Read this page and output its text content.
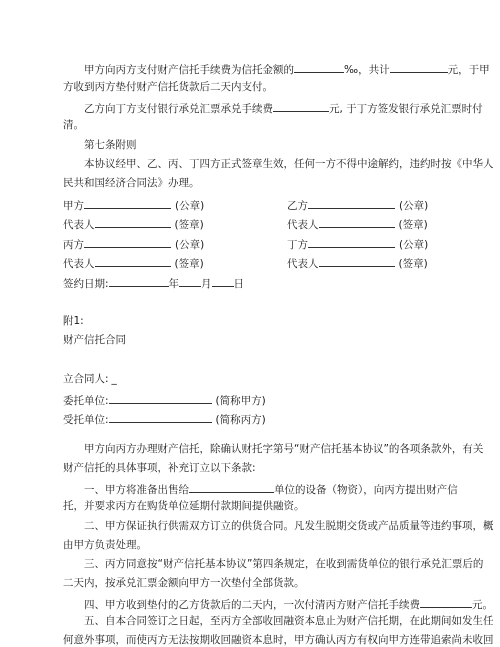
甲方向丙方支付财产信托手续费为信托金额的	‰，共计	元，于甲
方收到丙方垫付财产信托货款后二天内支付。
乙方向丁方支付银行承兑汇票承兑手续费	元, 于丁方签发银行承兑汇票时付
清。
第七条附则
本协议经甲、乙、丙、丁四方正式签章生效，任何一方不得中途解约，违约时按《中华人
民共和国经济合同法》办理。
甲方	(公章)	乙方	(公章)
代表人	(签章)	代表人	(签章)
丙方	(公章)	丁方	(公章)
代表人	(签章)	代表人	(签章)
签约日期:	年 月 日
附1:
财产信托合同
立合同人: _
委托单位:	(简称甲方)
受托单位:	(简称丙方)
甲方向丙方办理财产信托，除确认财托字第号“财产信托基本协议”的各项条款外，有关
财产信托的具体事项，补充订立以下条款:
一、甲方将准备出售给	单位的设备（物资），向丙方提出财产信
托，并要求丙方在购货单位延期付款期间提供融资。
二、甲方保证执行供需双方订立的供货合同。凡发生脱期交货或产品质量等违约事项，概
由甲方负责处理。
三、丙方同意按“财产信托基本协议”第四条规定，在收到需货单位的银行承兑汇票后的
二天内，按承兑汇票金额向甲方一次垫付全部货款。
四、甲方收到垫付的乙方货款后的二天内，一次付清丙方财产信托手续费	元。
五、自本合同签订之日起，至丙方全部收回融资本息止为财产信托期，在此期间如发生任
何意外事项，而使丙方无法按期收回融资本息时，甲方确认丙方有权向甲方连带追索尚未收回
